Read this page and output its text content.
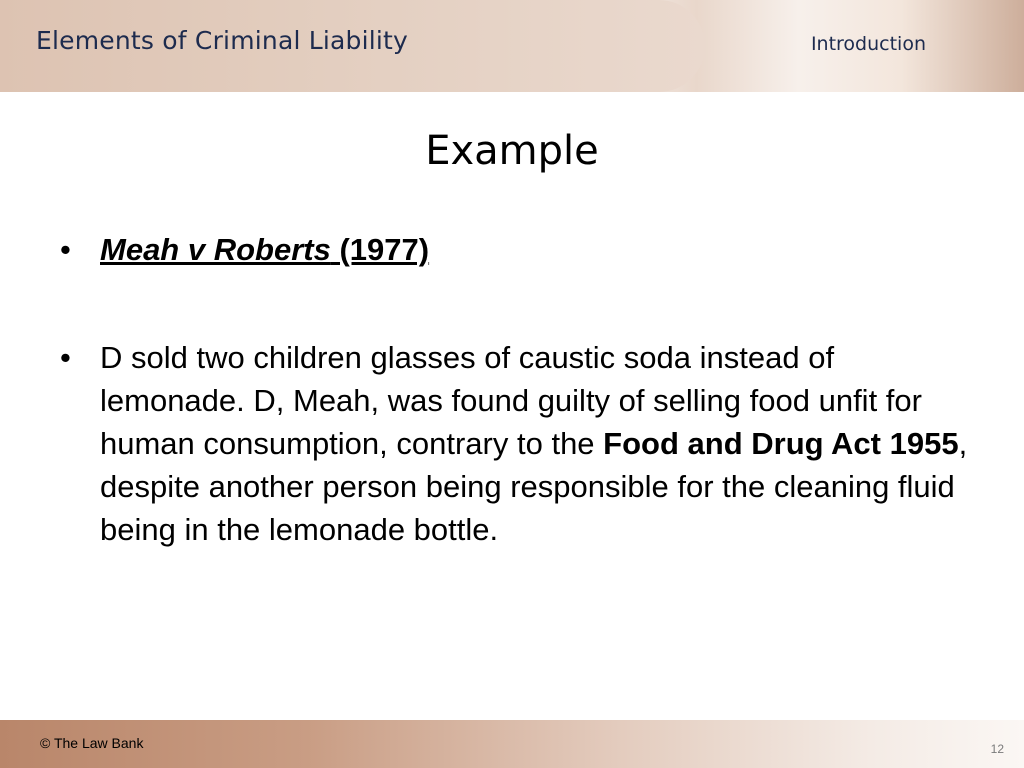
Elements of Criminal Liability	Introduction
Example
• Meah v Roberts (1977)
• D sold two children glasses of caustic soda instead of lemonade. D, Meah, was found guilty of selling food unfit for human consumption, contrary to the Food and Drug Act 1955, despite another person being responsible for the cleaning fluid being in the lemonade bottle.
© The Law Bank	12
